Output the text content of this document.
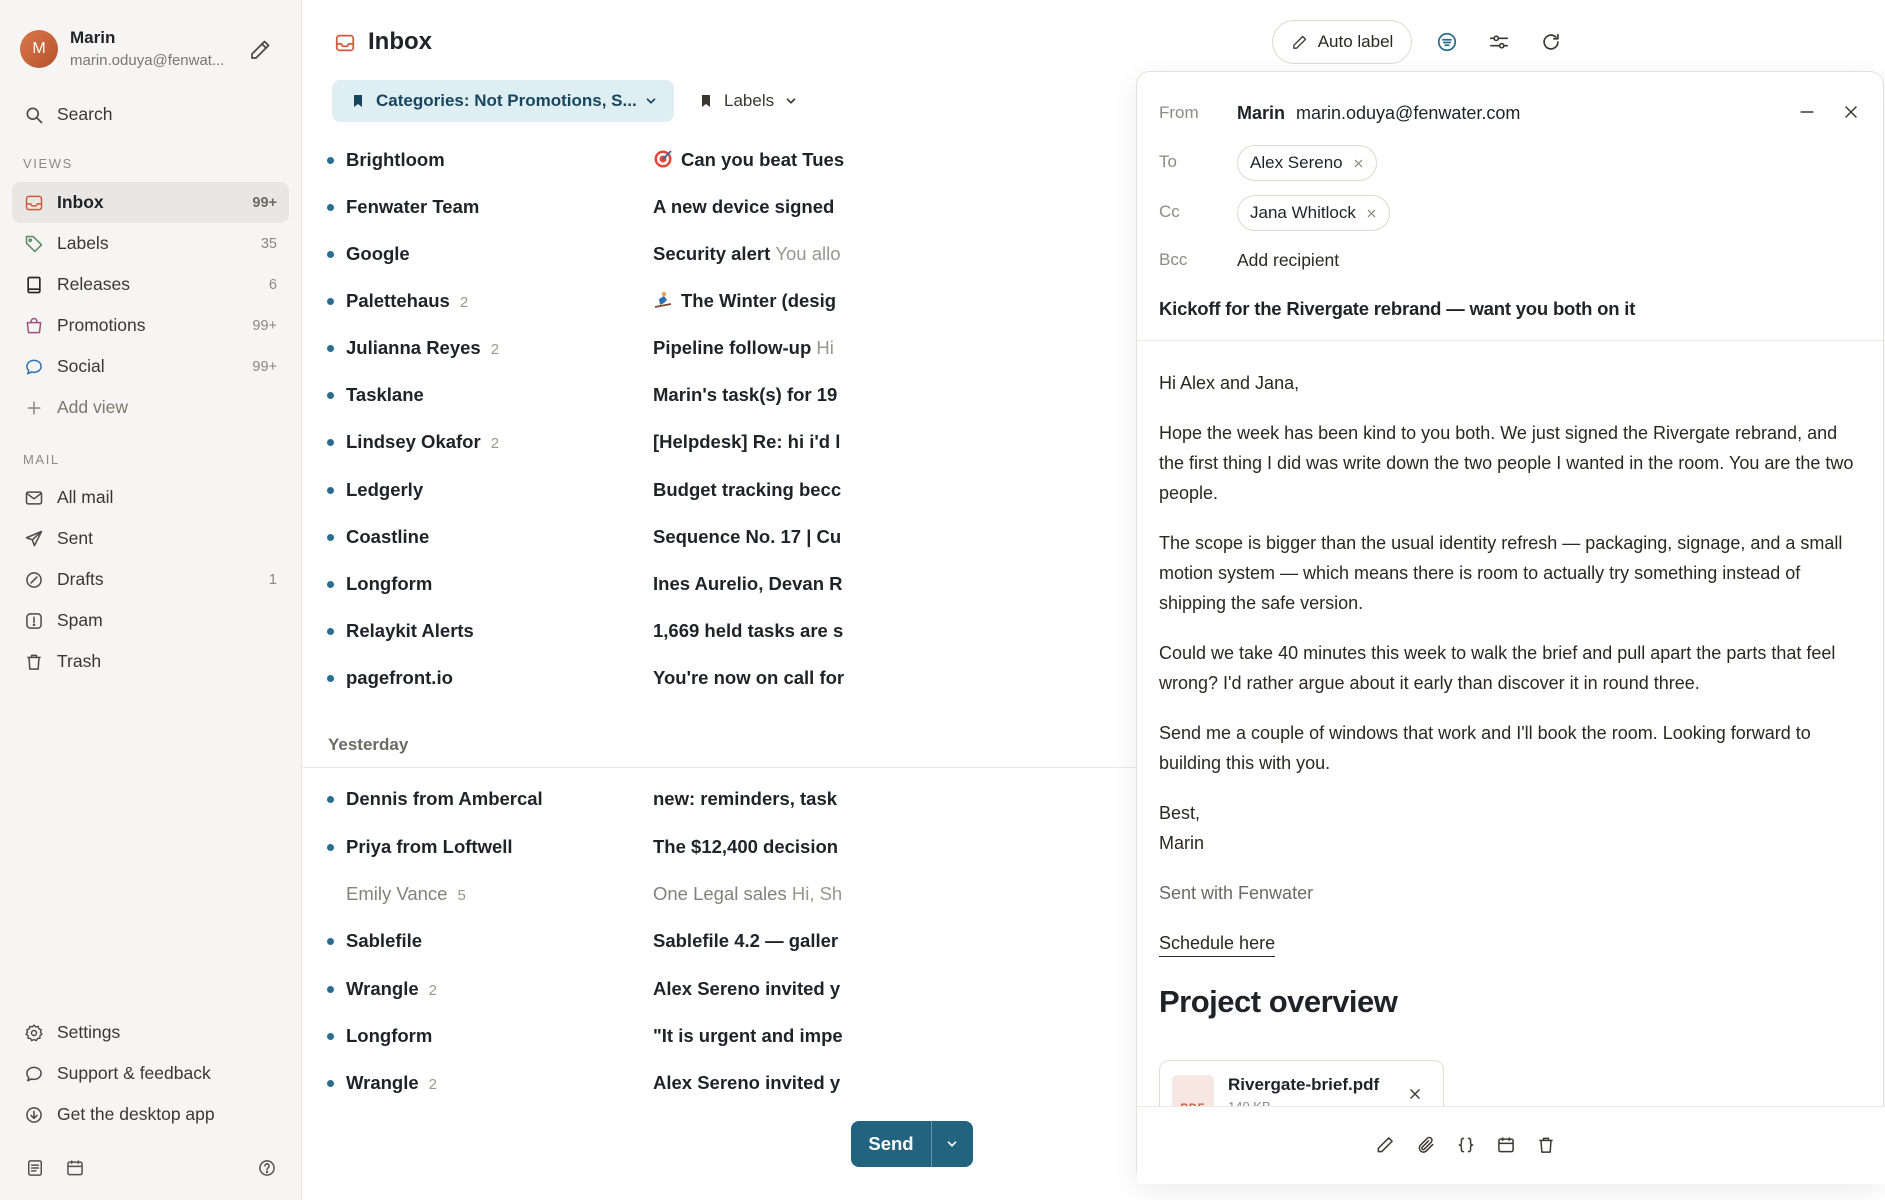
M
Marin
marin.oduya@fenwat...
Search
VIEWS
Inbox	99+
Labels	35
Releases	6
Promotions	99+
Social	99+
Add view
MAIL
All mail
Sent
Drafts	1
Spam
Trash
Settings
Support & feedback
Get the desktop app
Inbox	Auto label
Categories: Not Promotions, S...	Labels
Brightloom	Can you beat Tues
Fenwater Team	A new device signed
Google	Security alert You allo
Palettehaus 2	The Winter (desig
Julianna Reyes 2	Pipeline follow-up Hi
Tasklane	Marin's task(s) for 19
Lindsey Okafor 2	[Helpdesk] Re: hi i'd l
Ledgerly	Budget tracking becc
Coastline	Sequence No. 17 | Cu
Longform	Ines Aurelio, Devan R
Relaykit Alerts	1,669 held tasks are s
pagefront.io	You're now on call for
Yesterday
Dennis from Ambercal	new: reminders, task
Priya from Loftwell	The $12,400 decision
Emily Vance 5	One Legal sales Hi, Sh
Sablefile	Sablefile 4.2 — galler
Wrangle 2	Alex Sereno invited y
Longform	"It is urgent and impe
Wrangle 2	Alex Sereno invited y
From Marin marin.oduya@fenwater.com
To	Alex Sereno
Cc	Jana Whitlock
Bcc	Add recipient
Kickoff for the Rivergate rebrand — want you both on it

Hi Alex and Jana,

Hope the week has been kind to you both. We just signed the Rivergate rebrand, and the first thing I did was write down the two people I wanted in the room. You are the two people.

The scope is bigger than the usual identity refresh — packaging, signage, and a small motion system — which means there is room to actually try something instead of shipping the safe version.

Could we take 40 minutes this week to walk the brief and pull apart the parts that feel wrong? I'd rather argue about it early than discover it in round three.

Send me a couple of windows that work and I'll book the room. Looking forward to building this with you.

Best,
Marin

Sent with Fenwater

Schedule here

Project overview
Rivergate-brief.pdf
Send
